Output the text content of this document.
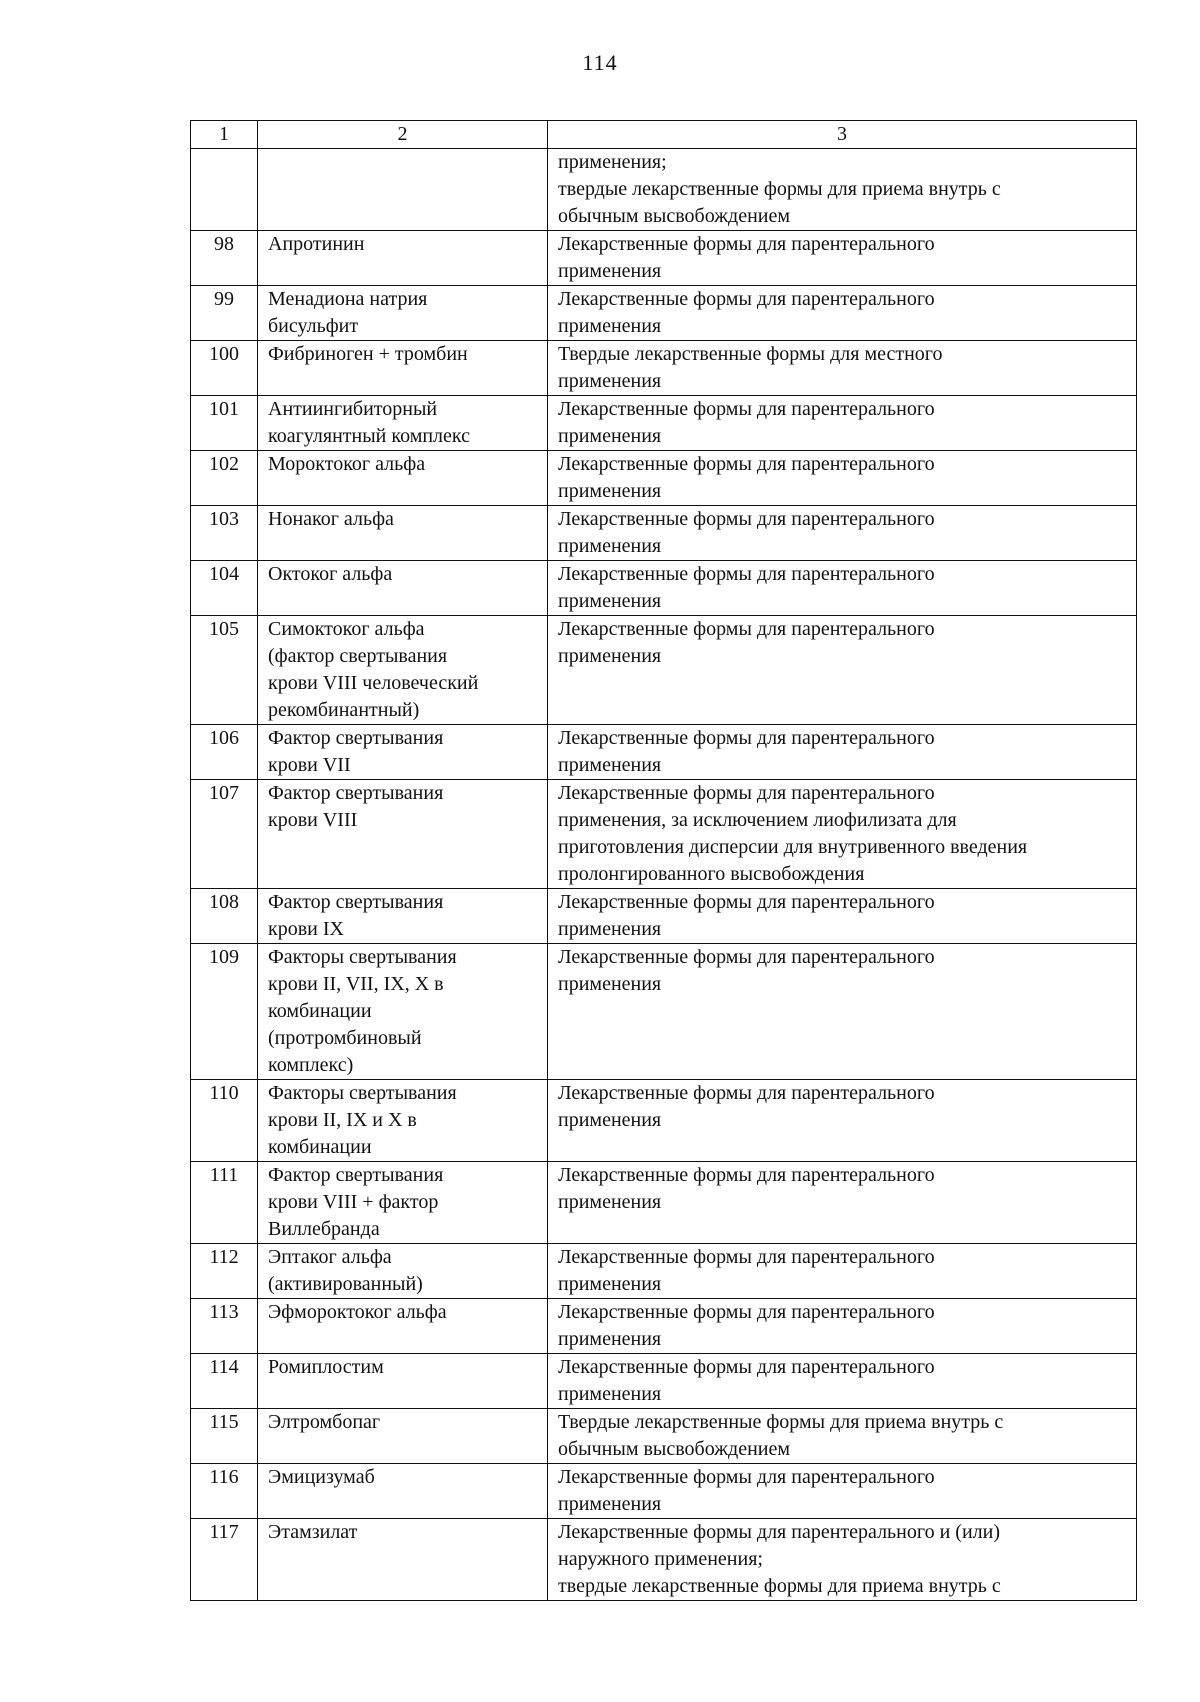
114
1	2	3

		применения;
твердые лекарственные формы для приема внутрь с
обычным высвобождением

98	Апротинин	Лекарственные формы для парентерального
применения

99	Менадиона натрия
бисульфит	Лекарственные формы для парентерального
применения

100	Фибриноген + тромбин	Твердые лекарственные формы для местного
применения

101	Антиингибиторный
коагулянтный комплекс	Лекарственные формы для парентерального
применения

102	Мороктоког альфа	Лекарственные формы для парентерального
применения

103	Нонаког альфа	Лекарственные формы для парентерального
применения

104	Октоког альфа	Лекарственные формы для парентерального
применения

105	Симоктоког альфа
(фактор свертывания
крови VIII человеческий
рекомбинантный)	Лекарственные формы для парентерального
применения

106	Фактор свертывания
крови VII	Лекарственные формы для парентерального
применения

107	Фактор свертывания
крови VIII	Лекарственные формы для парентерального
применения, за исключением лиофилизата для
приготовления дисперсии для внутривенного введения
пролонгированного высвобождения

108	Фактор свертывания
крови IX	Лекарственные формы для парентерального
применения

109	Факторы свертывания
крови II, VII, IX, X в
комбинации
(протромбиновый
комплекс)	Лекарственные формы для парентерального
применения

110	Факторы свертывания
крови II, IX и X в
комбинации	Лекарственные формы для парентерального
применения

111	Фактор свертывания
крови VIII + фактор
Виллебранда	Лекарственные формы для парентерального
применения

112	Эптаког альфа
(активированный)	Лекарственные формы для парентерального
применения

113	Эфмороктоког альфа	Лекарственные формы для парентерального
применения

114	Ромиплостим	Лекарственные формы для парентерального
применения

115	Элтромбопаг	Твердые лекарственные формы для приема внутрь с
обычным высвобождением

116	Эмицизумаб	Лекарственные формы для парентерального
применения

117	Этамзилат	Лекарственные формы для парентерального и (или)
наружного применения;
твердые лекарственные формы для приема внутрь с
